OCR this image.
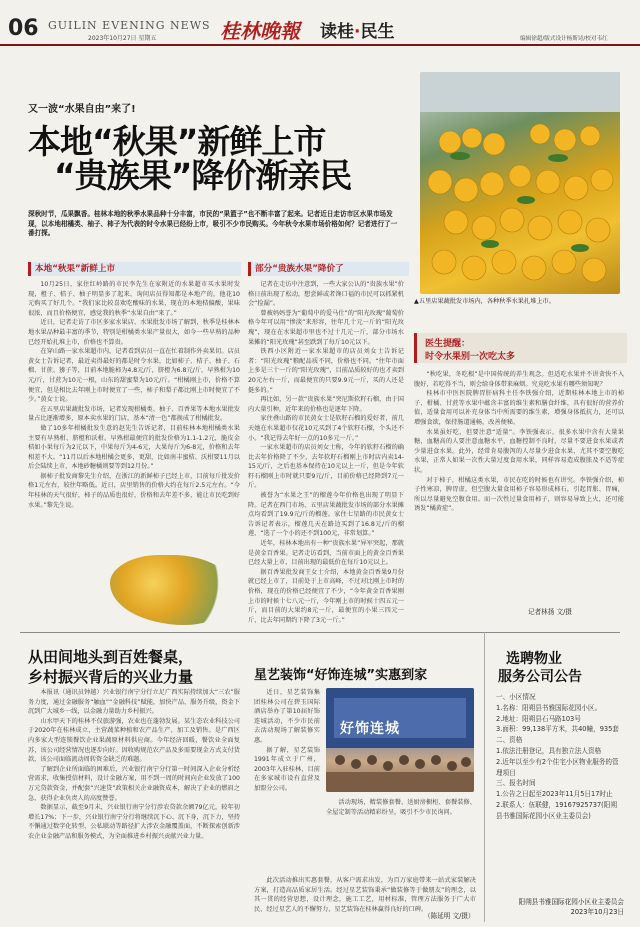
06 GUILIN EVENING NEWS
2023年10月27日 星期五	桂林晚報 读桂·民生	编辑徐超/版式设计杨斯诗/校对韦红
又一波“水果自由”来了!
本地“秋果”新鲜上市
“贵族果”降价渐亲民
深秋时节，瓜果飘香。桂林本地的秋季水果品种十分丰富，市民的“果篮子”也不断丰富了起来。记者近日走访市区水果市场发现，以本地柑橘类、柚子、柿子为代表的时令水果已经纷上市，吸引不少市民购买。今年秋令水果市场价格如何？记者进行了一番打探。
▲五里店果蔬批发市场内，各种秋季水果扎堆上市。
本地“秋果”新鲜上市	部分“贵族水果”降价了

10月25日，家住红岭路的市民李先生在家附近的水果超市买水果时发现，橙子、桔子、柚子明显多了起来，询问店员得知都是本地产的，他花10元购买了好几个。“我们家比较喜欢吃酸味的水果，现在的本地桔偏酸，果味很浓，而且价格便宜，感觉我的秋季“水果自由”来了。”

近日，记者走访了市区多家水果店、水果批发市场了解到，秋季是桂林本地水果品种最丰富的季节，特别是柑橘类水果产量很大，如今一些早熟的品种已经开始扎堆上市，价格也不算贵。

在穿山路一家水果超市内，记者看到店员一直在忙着制作外卖果切。店员黄女士告诉记者，最近卖得最好的都是时令水果，比如柿子、桔子、柚子、石榴、甘蔗、猕子等，目前本地脆柿为4.8元/斤，脐橙为6.8元/斤，早熟柑为10元/斤，甘蔗为10元一根，山东的甜蜜梨为10元/斤。“柑橘刚上市，价格不算便宜，但是相比去年刚上市时便宜了一些，柿子和梨子都比刚上市时便宜了不少。”黄女士说。

在五里店果蔬批发市场，记者发现柑橘类、柚子、百香果等本地水果批发量占比逐渐增多，原本卖水果的门店，基本“清一色”都换成了柑橘批发。

做了10多年柑橘批发生意的赵先生告诉记者，目前桂林本地柑橘类水果主要有早熟柑、脐橙和沃柑。早熟柑最便宜的批发价格为1.1-1.2元，脆皮金桔如小果每斤为2元以下，中果每斤为4-6元，大果每斤为6-8元，价格和去年相差不大。“11月以后本地柑橘会更多，更甜，比如南丰蜜桔、沃柑要11月以后会陆续上市，本地砂糖橘则要等到12月份。”

据柿子批发商黎先生介绍，在浙江的新鲜柿子已经上市，目前每斤批发价格1元左右，较往年略低。近日，店里销售的价格大约在每斤2.5元左右。“今年桂林的天气很好，柿子的品质也很好，价格和去年差不多，能让市民吃到好水果。”黎先生说。

记者在走访中注意到，一些大家公认的“贵族水果”价格日前出现了松动，想尝鲜或者馋口福的市民可以抓紧机会“捡漏”。

曾被妈妈誉为“葡萄中的爱马仕”的“阳光玫瑰”葡萄价格今年可以用“惨淡”来形容，往年几十元一斤的“阳光玫瑰”，现在在水果超市里也不过十几元一斤，部分市场水果摊的“阳光玫瑰”甚至跌到了每斤10元以下。

铁西小区附近一家水果超市的店员刘女士告诉记者：“阳光玫瑰”粮配品质不同，价格也不同。“往年市面上多是三十一斤的“阳光玫瑰”，目前品质较好的也才卖到20元左右一斤，而最便宜的只要9.9元一斤，买的人还是挺多的。”

再比如，另一款“贵族水果”突尼斯软籽石榴，由于国内大量引种，近年来的价格也是逐年下降。

家住叠山路的市民黄女士是软籽石榴的爱好者，前几天她在水果超市仅花10元买到了4个软籽石榴，个头还不小。“我记得去年好一点的10多元一斤。”

一家水果超市的店员刘女士称，今年的软籽石榴的确比去年价格降了不少，去年软籽石榴刚上市时店内卖14-15元/斤，之后也基本保持在10元以上一斤，但是今年软籽石榴刚上市时就只要9元/斤，目前价格已经降到7元一斤。

被誉为“水果之王”的榴莲今年价格也出现了明显下降。记者在西门市场、五里店果蔬批发市场的部分水果摊点均看到了19.9元/斤的榴莲。家住七星路的市民黄女士告诉记者表示，榴莲几天在路边买到了16.8元/斤的榴莲，“选了一个小的还不到100元，非常划算。”

近年，桂林本地出有一种“贵族水果”异军突起，那就是黄金百香果。记者走访看到，当前市面上的黄金百香果已经大量上市，目前出现的最低价在每斤10元以上。

据百香果批发商王女士介绍，本地黄金百香果9月份就已经上市了，目前处于上市高峰，不过对比刚上市时的价格，现在的价格已经便宜了不少，“今年黄金百香果刚上市的时候十七八元一斤，今年刚上市的时候十四五元一斤，而目前的大果约8元一斤，最便宜的小果三四元一斤，比去年同期约下降了3元一斤。”

医生提醒：
时令水果别一次吃太多

“秋吃果，冬吃根”是中国传统的养生观念。但适吃水果并不讲贪快不入腹好，若吃得不当，则会给身体带来麻烦。究竟吃水果有哪些须知呢？

桂林市中医医院脾胃肝病科主任李铁强介绍，近期桂林本地上市的柿子、柑橘、甘蔗等水果中蕴含丰富的维生素和膳食纤维，具有很好的营养价值，适量食用可以补充身体当中所需要的维生素，增强身体抵抗力，还可以增强食欲，保持肠道通畅，改善便秘。

水果虽好吃，但要注意“适量”。李铁强表示，很多水果中含有大量果糖，血糖高的人要注意血糖水平，血糖控制不良时，尽量不要进食水果或者少量进食水果。此外，经常肯易腹泻的人尽量少进食水果，尤其不要空腹吃水果，正常人如果一次性大量过度食用水果，同样容易造成腹胀及不适等症状。

对于柿子，柑橘这类水果，市民在吃的时候也有讲究。李铁强介绍，柿子性寒凉，脾胃虚，但空腹大量食用柿子容易形成柿石，引起胃胀、胃痛，所以尽量避免空腹食用。而一次性过量食用柿子，则容易导致上火，还可能诱发“橘黄症”。

记者林扬 文/摄
从田间地头到百姓餐桌，
乡村振兴背后的兴业力量

本报讯（通讯员钟越）兴业银行南宁分行立足广西实际持续加大“三农”服务力度，通过金融服务“触血”“金融科技”赋能，加快产品、服务升级，资金下沉到广大城乡一线，以金融力量助力乡村振兴。

山水甲天下的桂林不仅旅游强，农业也在蓬勃发展。某生态农业科技公司于2020年在桂林成立，主营蔬菜种植和农产品生产、加工及销售。是广西区内多家大型连锁餐饮企业果蔬原材料供应商。今年经济回暖，餐饮业全面复苏，该公司经营情况也逐步向好。因收购规范农产品及多需要现金方式支付货款，该公司面临流动周转资金缺乏的难题。

了解到企业所面临的困难后，兴业银行南宁分行第一时间深入企业分析经营需求，收集授信材料，设计金融方案，用不到一周的时间向企业发放了100万元贷款资金，并配套“兴速贷”政策相关企业融资成本，解决了企业的燃眉之急，获得企业负责人的高度赞誉。

数据显示，截至9月末，兴业银行南宁分行涉农贷款余额79亿元，较年初增长17%；下一步，兴业银行南宁分行将继续沉下心、沉下身，沉下力，坚持不懈通过数字化转型、公私联动等路径扩大涉农金融覆盖面，不断探索创新涉农企业金融产品和服务模式，为全面推进乡村振兴贡献兴业力量。

星艺装饰“好饰连城”实惠到家

近日，星艺装饰集团桂林公司在碧玉国际酒店举办了第10届好饰连城活动，不少市民前去活动现场了解装修实惠。

据了解，星艺装饰1991年成立于广州，2003年入驻桂林，目前在多家城市设有直营及加盟分公司。

好饰连城

活动现场，精装修套餐、送厨房橱柜、套餐装修、全屋定制等活动精彩纷呈，吸引不少市民询问。

此次活动推出实惠套餐，从客户需求出发，为百万家庭带来一站式家装解决方案，打造高品质家居生活。经过星艺装饰秉承“做装修等于做朋友”的理念，以其一贯的经营思想，设计理念，施工工艺，用材标准，管理方法服务于广大市民，经过星艺人的不懈努力，星艺装饰在桂林赢得良好的口碑。

（陈延明 文/摄）
选聘物业
服务公司公告
一、小区情况
1.名称：阳朔县书雅国际花园小区。
2.地址：阳朔县石马路103号
3.面积：99,138平方米，共40幢，935套
二、资格
1.依法注册登记，具有独立法人资格
2.近年以至少有2个住宅小区物业服务的管理项目
三、报名时间
1.公告之日起至2023年11月5日17时止
2.联系人：伍联健，19167925737(阳朔县书雅国际花园小区业主委员会)
阳朔县书雅国际花园小区业主委员会
2023年10月23日
